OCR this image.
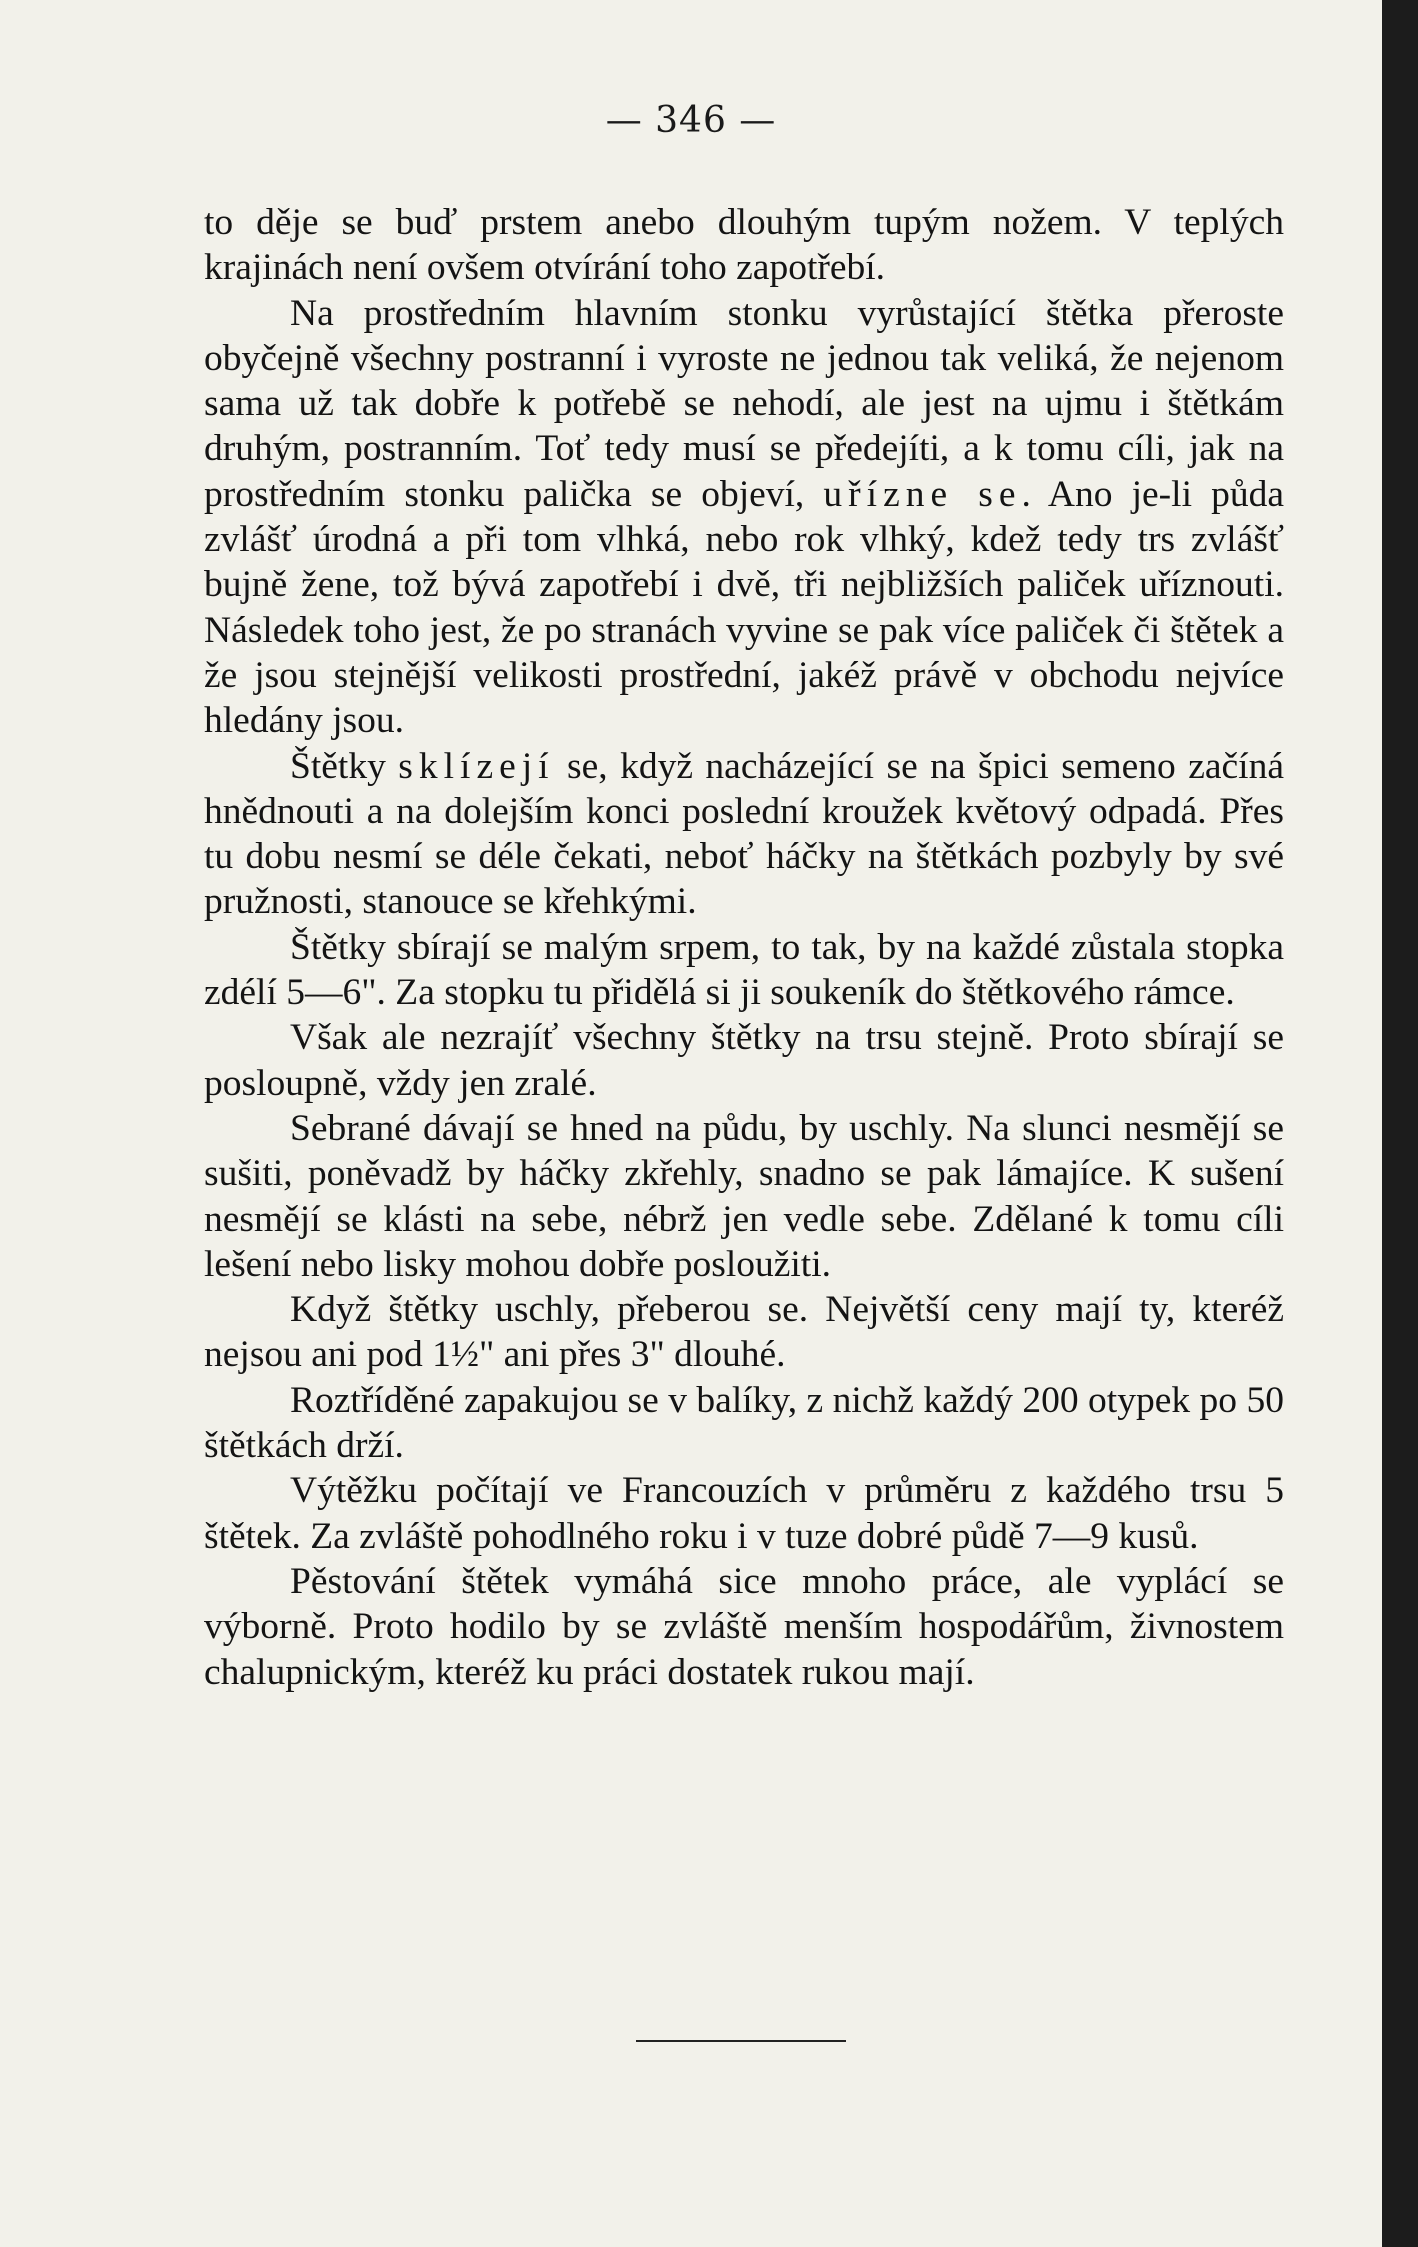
— 346 —

to děje se buď prstem anebo dlouhým tupým nožem. V teplých krajinách není ovšem otvírání toho zapotřebí.

Na prostředním hlavním stonku vyrůstající štětka přeroste obyčejně všechny postranní i vyroste ne jednou tak veliká, že nejenom sama už tak dobře k potřebě se nehodí, ale jest na ujmu i štětkám druhým, postranním. Toť tedy musí se předejíti, a k tomu cíli, jak na prostředním stonku palička se objeví, uřízne se. Ano je-li půda zvlášť úrodná a při tom vlhká, nebo rok vlhký, kdež tedy trs zvlášť bujně žene, tož bývá zapotřebí i dvě, tři nejbližších paliček uříznouti. Následek toho jest, že po stranách vyvine se pak více paliček či štětek a že jsou stejnější velikosti prostřední, jakéž právě v obchodu nejvíce hledány jsou.

Štětky sklízejí se, když nacházející se na špici semeno začíná hnědnouti a na dolejším konci poslední kroužek květový odpadá. Přes tu dobu nesmí se déle čekati, neboť háčky na štětkách pozbyly by své pružnosti, stanouce se křehkými.

Štětky sbírají se malým srpem, to tak, by na každé zůstala stopka zdélí 5—6". Za stopku tu přidělá si ji soukeník do štětkového rámce.

Však ale nezrajíť všechny štětky na trsu stejně. Proto sbírají se posloupně, vždy jen zralé.

Sebrané dávají se hned na půdu, by uschly. Na slunci nesmějí se sušiti, poněvadž by háčky zkřehly, snadno se pak lámajíce. K sušení nesmějí se klásti na sebe, nébrž jen vedle sebe. Zdělané k tomu cíli lešení nebo lisky mohou dobře posloužiti.

Když štětky uschly, přeberou se. Největší ceny mají ty, kteréž nejsou ani pod 1½" ani přes 3" dlouhé.

Roztříděné zapakujou se v balíky, z nichž každý 200 otypek po 50 štětkách drží.

Výtěžku počítají ve Francouzích v průměru z každého trsu 5 štětek. Za zvláště pohodlného roku i v tuze dobré půdě 7—9 kusů.

Pěstování štětek vymáhá sice mnoho práce, ale vyplácí se výborně. Proto hodilo by se zvláště menším hospodářům, živnostem chalupnickým, kteréž ku práci dostatek rukou mají.
